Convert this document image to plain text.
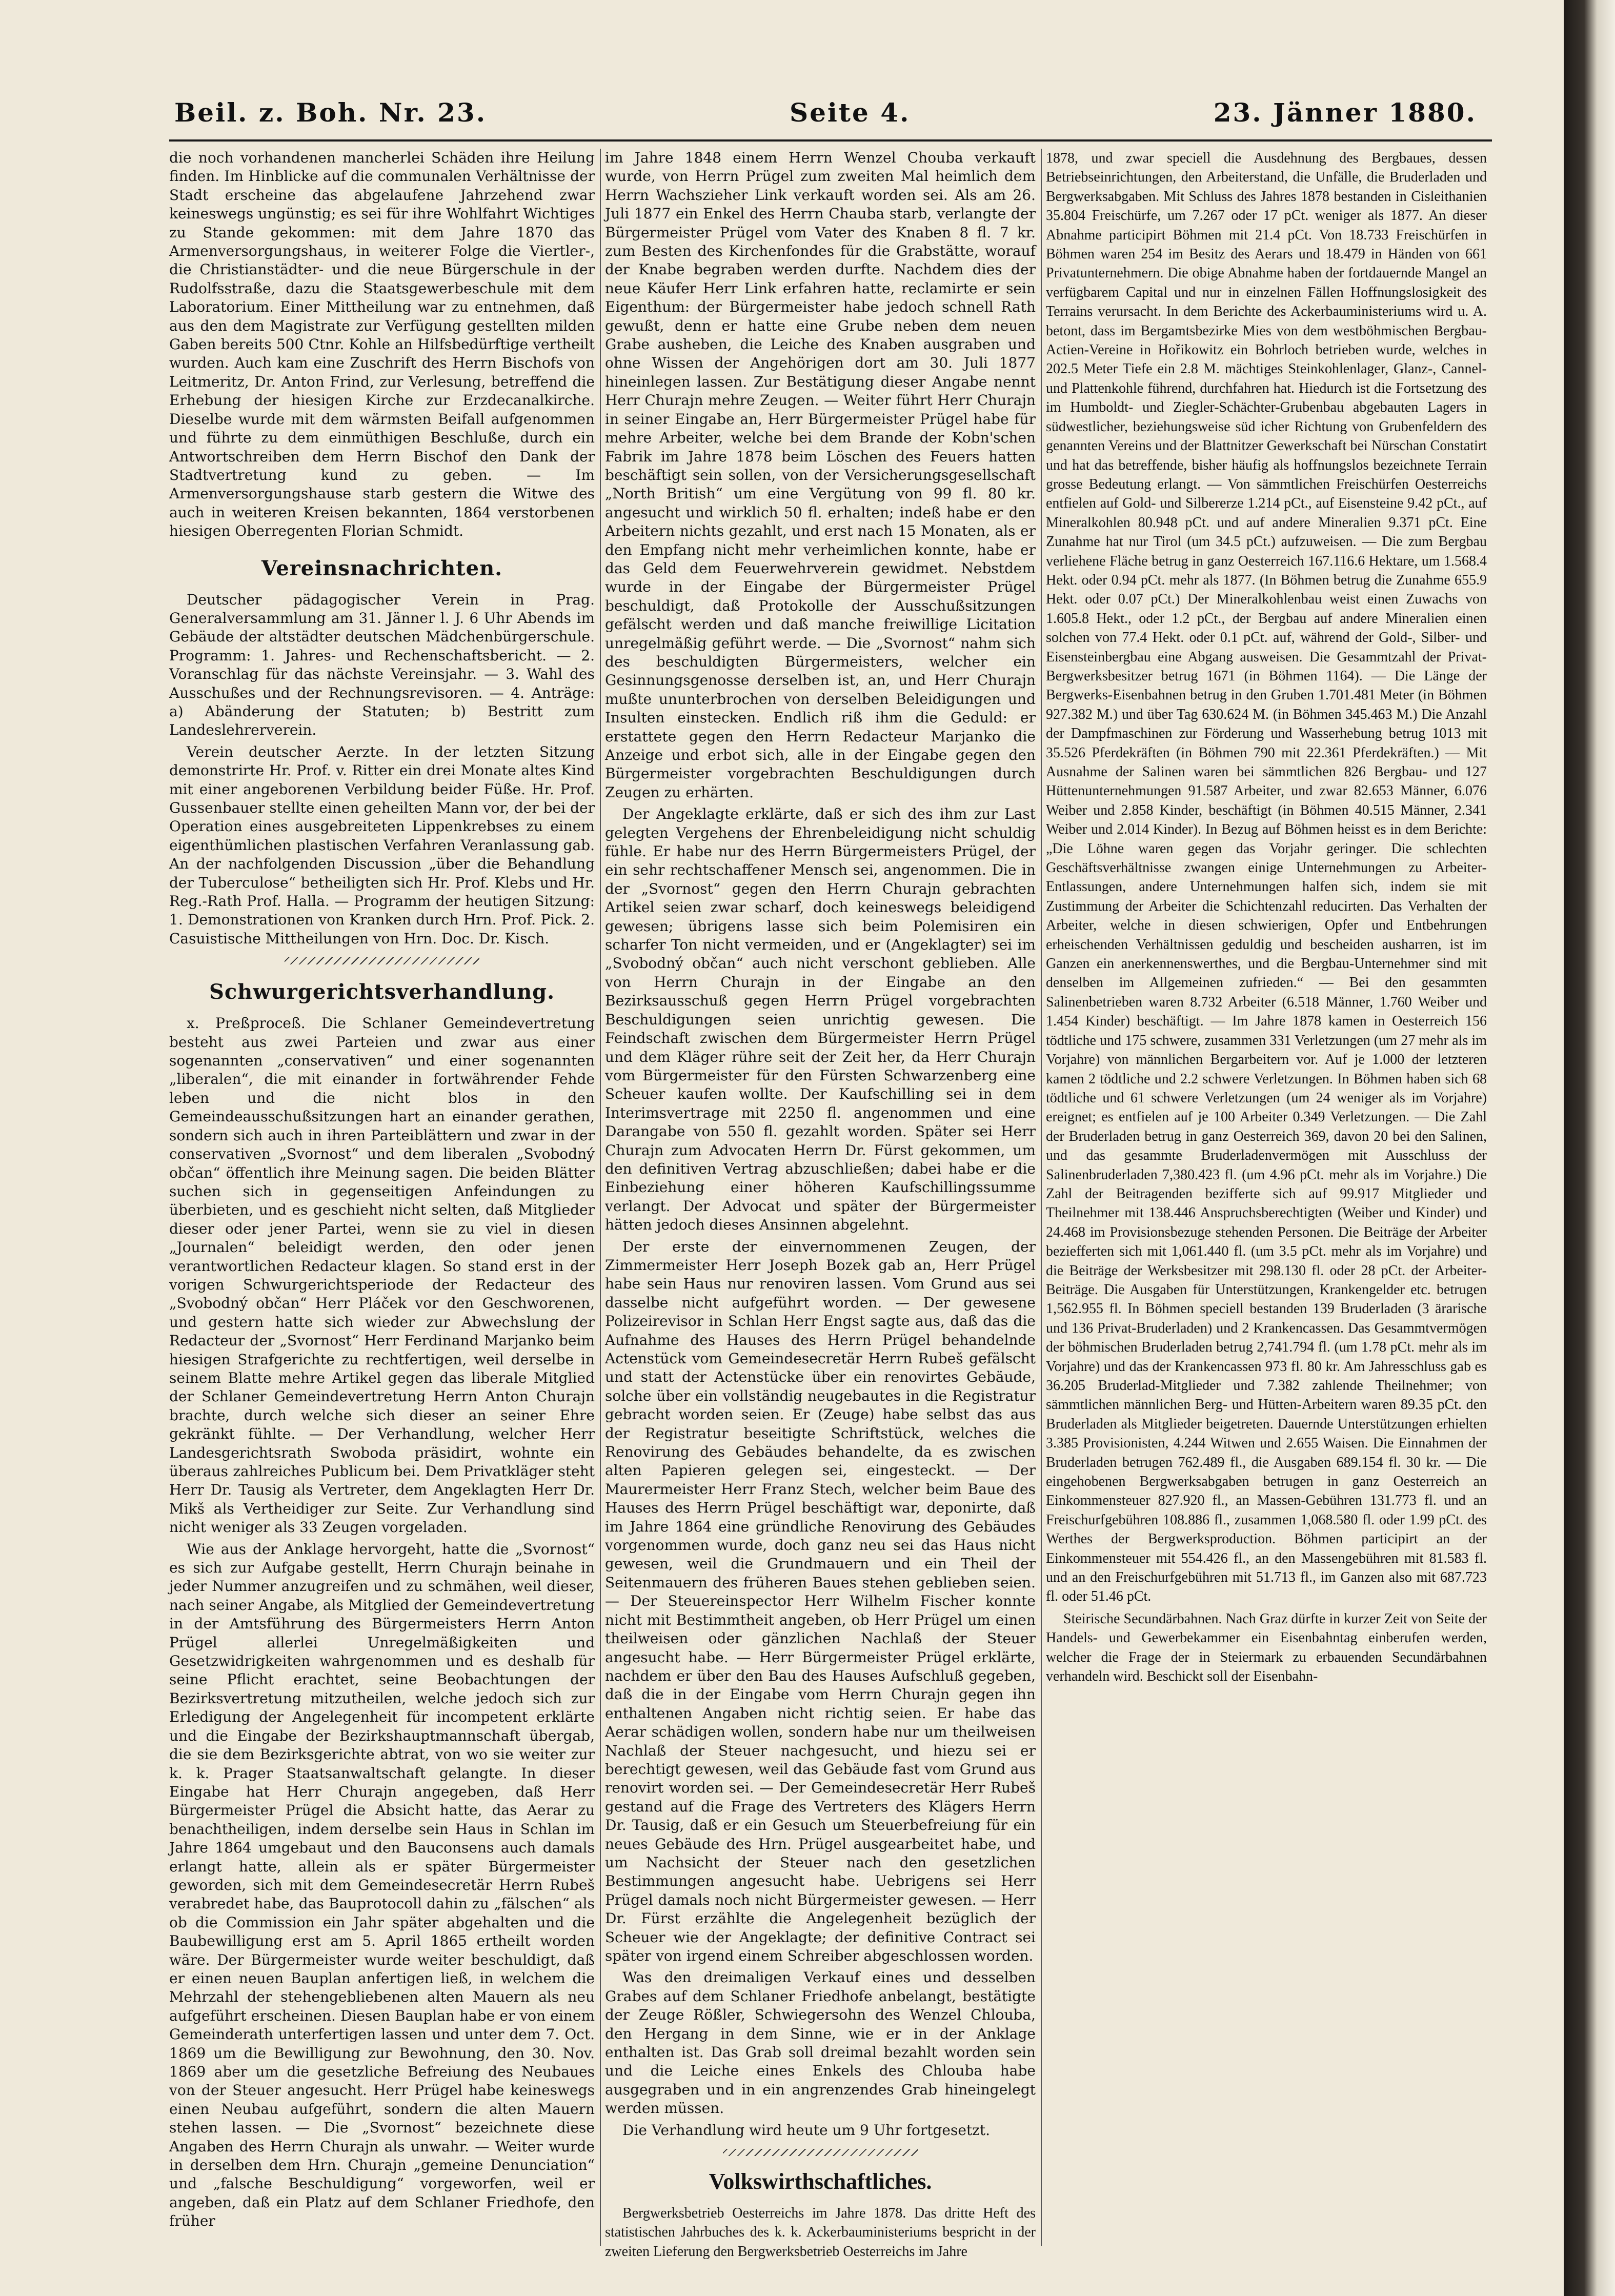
Beil. z. Boh. Nr. 23.	Seite 4.	23. Jänner 1880.

die noch vorhandenen mancherlei Schäden ihre Heilung finden. Im Hinblicke auf die communalen Verhältnisse der Stadt erscheine das abgelaufene Jahrzehend zwar keineswegs ungünstig; es sei für ihre Wohlfahrt Wichtiges zu Stande gekommen: mit dem Jahre 1870 das Armenversorgungshaus, in weiterer Folge die Viertler-, die Christianstädter- und die neue Bürgerschule in der Rudolfsstraße, dazu die Staatsgewerbeschule mit dem Laboratorium. Einer Mittheilung war zu entnehmen, daß aus den dem Magistrate zur Verfügung gestellten milden Gaben bereits 500 Ctnr. Kohle an Hilfsbedürftige vertheilt wurden. Auch kam eine Zuschrift des Herrn Bischofs von Leitmeritz, Dr. Anton Frind, zur Verlesung, betreffend die Erhebung der hiesigen Kirche zur Erzdecanalkirche. Dieselbe wurde mit dem wärmsten Beifall aufgenommen und führte zu dem einmüthigen Beschluße, durch ein Antwortschreiben dem Herrn Bischof den Dank der Stadtvertretung kund zu geben. — Im Armenversorgungshause starb gestern die Witwe des auch in weiteren Kreisen bekannten, 1864 verstorbenen hiesigen Oberregenten Florian Schmidt.

Vereinsnachrichten.

Deutscher pädagogischer Verein in Prag. Generalversammlung am 31. Jänner l. J. 6 Uhr Abends im Gebäude der altstädter deutschen Mädchenbürgerschule. Programm: 1. Jahres- und Rechenschaftsbericht. — 2. Voranschlag für das nächste Vereinsjahr. — 3. Wahl des Ausschußes und der Rechnungsrevisoren. — 4. Anträge: a) Abänderung der Statuten; b) Bestritt zum Landeslehrerverein.

Verein deutscher Aerzte. In der letzten Sitzung demonstrirte Hr. Prof. v. Ritter ein drei Monate altes Kind mit einer angeborenen Verbildung beider Füße. Hr. Prof. Gussenbauer stellte einen geheilten Mann vor, der bei der Operation eines ausgebreiteten Lippenkrebses zu einem eigenthümlichen plastischen Verfahren Veranlassung gab. An der nachfolgenden Discussion „über die Behandlung der Tuberculose“ betheiligten sich Hr. Prof. Klebs und Hr. Reg.-Rath Prof. Halla. — Programm der heutigen Sitzung: 1. Demonstrationen von Kranken durch Hrn. Prof. Pick. 2. Casuistische Mittheilungen von Hrn. Doc. Dr. Kisch.

Schwurgerichtsverhandlung.

x. Preßproceß. Die Schlaner Gemeindevertretung besteht aus zwei Parteien und zwar aus einer sogenannten „conservativen“ und einer sogenannten „liberalen“, die mit einander in fortwährender Fehde leben und die nicht blos in den Gemeindeausschußsitzungen hart an einander gerathen, sondern sich auch in ihren Parteiblättern und zwar in der conservativen „Svornost“ und dem liberalen „Svobodný občan“ öffentlich ihre Meinung sagen. Die beiden Blätter suchen sich in gegenseitigen Anfeindungen zu überbieten, und es geschieht nicht selten, daß Mitglieder dieser oder jener Partei, wenn sie zu viel in diesen „Journalen“ beleidigt werden, den oder jenen verantwortlichen Redacteur klagen. So stand erst in der vorigen Schwurgerichtsperiode der Redacteur des „Svobodný občan“ Herr Pláček vor den Geschworenen, und gestern hatte sich wieder zur Abwechslung der Redacteur der „Svornost“ Herr Ferdinand Marjanko beim hiesigen Strafgerichte zu rechtfertigen, weil derselbe in seinem Blatte mehre Artikel gegen das liberale Mitglied der Schlaner Gemeindevertretung Herrn Anton Churajn brachte, durch welche sich dieser an seiner Ehre gekränkt fühlte. — Der Verhandlung, welcher Herr Landesgerichtsrath Swoboda präsidirt, wohnte ein überaus zahlreiches Publicum bei. Dem Privatkläger steht Herr Dr. Tausig als Vertreter, dem Angeklagten Herr Dr. Mikš als Vertheidiger zur Seite. Zur Verhandlung sind nicht weniger als 33 Zeugen vorgeladen.

Wie aus der Anklage hervorgeht, hatte die „Svornost“ es sich zur Aufgabe gestellt, Herrn Churajn beinahe in jeder Nummer anzugreifen und zu schmähen, weil dieser, nach seiner Angabe, als Mitglied der Gemeindevertretung in der Amtsführung des Bürgermeisters Herrn Anton Prügel allerlei Unregelmäßigkeiten und Gesetzwidrigkeiten wahrgenommen und es deshalb für seine Pflicht erachtet, seine Beobachtungen der Bezirksvertretung mitzutheilen, welche jedoch sich zur Erledigung der Angelegenheit für incompetent erklärte und die Eingabe der Bezirkshauptmannschaft übergab, die sie dem Bezirksgerichte abtrat, von wo sie weiter zur k. k. Prager Staatsanwaltschaft gelangte. In dieser Eingabe hat Herr Churajn angegeben, daß Herr Bürgermeister Prügel die Absicht hatte, das Aerar zu benachtheiligen, indem derselbe sein Haus in Schlan im Jahre 1864 umgebaut und den Bauconsens auch damals erlangt hatte, allein als er später Bürgermeister geworden, sich mit dem Gemeindesecretär Herrn Rubeš verabredet habe, das Bauprotocoll dahin zu „fälschen“ als ob die Commission ein Jahr später abgehalten und die Baubewilligung erst am 5. April 1865 ertheilt worden wäre. Der Bürgermeister wurde weiter beschuldigt, daß er einen neuen Bauplan anfertigen ließ, in welchem die Mehrzahl der stehengebliebenen alten Mauern als neu aufgeführt erscheinen. Diesen Bauplan habe er von einem Gemeinderath unterfertigen lassen und unter dem 7. Oct. 1869 um die Bewilligung zur Bewohnung, den 30. Nov. 1869 aber um die gesetzliche Befreiung des Neubaues von der Steuer angesucht. Herr Prügel habe keineswegs einen Neubau aufgeführt, sondern die alten Mauern stehen lassen. — Die „Svornost“ bezeichnete diese Angaben des Herrn Churajn als unwahr. — Weiter wurde in derselben dem Hrn. Churajn „gemeine Denunciation“ und „falsche Beschuldigung“ vorgeworfen, weil er angeben, daß ein Platz auf dem Schlaner Friedhofe, den früher

im Jahre 1848 einem Herrn Wenzel Chouba verkauft wurde, von Herrn Prügel zum zweiten Mal heimlich dem Herrn Wachszieher Link verkauft worden sei. Als am 26. Juli 1877 ein Enkel des Herrn Chauba starb, verlangte der Bürgermeister Prügel vom Vater des Knaben 8 fl. 7 kr. zum Besten des Kirchenfondes für die Grabstätte, worauf der Knabe begraben werden durfte. Nachdem dies der neue Käufer Herr Link erfahren hatte, reclamirte er sein Eigenthum: der Bürgermeister habe jedoch schnell Rath gewußt, denn er hatte eine Grube neben dem neuen Grabe ausheben, die Leiche des Knaben ausgraben und ohne Wissen der Angehörigen dort am 30. Juli 1877 hineinlegen lassen. Zur Bestätigung dieser Angabe nennt Herr Churajn mehre Zeugen. — Weiter führt Herr Churajn in seiner Eingabe an, Herr Bürgermeister Prügel habe für mehre Arbeiter, welche bei dem Brande der Kobn'schen Fabrik im Jahre 1878 beim Löschen des Feuers hatten beschäftigt sein sollen, von der Versicherungsgesellschaft „North British“ um eine Vergütung von 99 fl. 80 kr. angesucht und wirklich 50 fl. erhalten; indeß habe er den Arbeitern nichts gezahlt, und erst nach 15 Monaten, als er den Empfang nicht mehr verheimlichen konnte, habe er das Geld dem Feuerwehrverein gewidmet. Nebstdem wurde in der Eingabe der Bürgermeister Prügel beschuldigt, daß Protokolle der Ausschußsitzungen gefälscht werden und daß manche freiwillige Licitation unregelmäßig geführt werde. — Die „Svornost“ nahm sich des beschuldigten Bürgermeisters, welcher ein Gesinnungsgenosse derselben ist, an, und Herr Churajn mußte ununterbrochen von derselben Beleidigungen und Insulten einstecken. Endlich riß ihm die Geduld: er erstattete gegen den Herrn Redacteur Marjanko die Anzeige und erbot sich, alle in der Eingabe gegen den Bürgermeister vorgebrachten Beschuldigungen durch Zeugen zu erhärten.

Der Angeklagte erklärte, daß er sich des ihm zur Last gelegten Vergehens der Ehrenbeleidigung nicht schuldig fühle. Er habe nur des Herrn Bürgermeisters Prügel, der ein sehr rechtschaffener Mensch sei, angenommen. Die in der „Svornost“ gegen den Herrn Churajn gebrachten Artikel seien zwar scharf, doch keineswegs beleidigend gewesen; übrigens lasse sich beim Polemisiren ein scharfer Ton nicht vermeiden, und er (Angeklagter) sei im „Svobodný občan“ auch nicht verschont geblieben. Alle von Herrn Churajn in der Eingabe an den Bezirksausschuß gegen Herrn Prügel vorgebrachten Beschuldigungen seien unrichtig gewesen. Die Feindschaft zwischen dem Bürgermeister Herrn Prügel und dem Kläger rühre seit der Zeit her, da Herr Churajn vom Bürgermeister für den Fürsten Schwarzenberg eine Scheuer kaufen wollte. Der Kaufschilling sei in dem Interimsvertrage mit 2250 fl. angenommen und eine Darangabe von 550 fl. gezahlt worden. Später sei Herr Churajn zum Advocaten Herrn Dr. Fürst gekommen, um den definitiven Vertrag abzuschließen; dabei habe er die Einbeziehung einer höheren Kaufschillingssumme verlangt. Der Advocat und später der Bürgermeister hätten jedoch dieses Ansinnen abgelehnt.

Der erste der einvernommenen Zeugen, der Zimmermeister Herr Joseph Bozek gab an, Herr Prügel habe sein Haus nur renoviren lassen. Vom Grund aus sei dasselbe nicht aufgeführt worden. — Der gewesene Polizeirevisor in Schlan Herr Engst sagte aus, daß das die Aufnahme des Hauses des Herrn Prügel behandelnde Actenstück vom Gemeindesecretär Herrn Rubeš gefälscht und statt der Actenstücke über ein renovirtes Gebäude, solche über ein vollständig neugebautes in die Registratur gebracht worden seien. Er (Zeuge) habe selbst das aus der Registratur beseitigte Schriftstück, welches die Renovirung des Gebäudes behandelte, da es zwischen alten Papieren gelegen sei, eingesteckt. — Der Maurermeister Herr Franz Stech, welcher beim Baue des Hauses des Herrn Prügel beschäftigt war, deponirte, daß im Jahre 1864 eine gründliche Renovirung des Gebäudes vorgenommen wurde, doch ganz neu sei das Haus nicht gewesen, weil die Grundmauern und ein Theil der Seitenmauern des früheren Baues stehen geblieben seien. — Der Steuereinspector Herr Wilhelm Fischer konnte nicht mit Bestimmtheit angeben, ob Herr Prügel um einen theilweisen oder gänzlichen Nachlaß der Steuer angesucht habe. — Herr Bürgermeister Prügel erklärte, nachdem er über den Bau des Hauses Aufschluß gegeben, daß die in der Eingabe vom Herrn Churajn gegen ihn enthaltenen Angaben nicht richtig seien. Er habe das Aerar schädigen wollen, sondern habe nur um theilweisen Nachlaß der Steuer nachgesucht, und hiezu sei er berechtigt gewesen, weil das Gebäude fast vom Grund aus renovirt worden sei. — Der Gemeindesecretär Herr Rubeš gestand auf die Frage des Vertreters des Klägers Herrn Dr. Tausig, daß er ein Gesuch um Steuerbefreiung für ein neues Gebäude des Hrn. Prügel ausgearbeitet habe, und um Nachsicht der Steuer nach den gesetzlichen Bestimmungen angesucht habe. Uebrigens sei Herr Prügel damals noch nicht Bürgermeister gewesen. — Herr Dr. Fürst erzählte die Angelegenheit bezüglich der Scheuer wie der Angeklagte; der definitive Contract sei später von irgend einem Schreiber abgeschlossen worden.

Was den dreimaligen Verkauf eines und desselben Grabes auf dem Schlaner Friedhofe anbelangt, bestätigte der Zeuge Rößler, Schwiegersohn des Wenzel Chlouba, den Hergang in dem Sinne, wie er in der Anklage enthalten ist. Das Grab soll dreimal bezahlt worden sein und die Leiche eines Enkels des Chlouba habe ausgegraben und in ein angrenzendes Grab hineingelegt werden müssen.

Die Verhandlung wird heute um 9 Uhr fortgesetzt.

Volkswirthschaftliches.

Bergwerksbetrieb Oesterreichs im Jahre 1878. Das dritte Heft des statistischen Jahrbuches des k. k. Ackerbauministeriums bespricht in der zweiten Lieferung den Bergwerksbetrieb Oesterreichs im Jahre

1878, und zwar speciell die Ausdehnung des Bergbaues, dessen Betriebseinrichtungen, den Arbeiterstand, die Unfälle, die Bruderladen und Bergwerksabgaben. Mit Schluss des Jahres 1878 bestanden in Cisleithanien 35.804 Freischürfe, um 7.267 oder 17 pCt. weniger als 1877. An dieser Abnahme participirt Böhmen mit 21.4 pCt. Von 18.733 Freischürfen in Böhmen waren 254 im Besitz des Aerars und 18.479 in Händen von 661 Privatunternehmern. Die obige Abnahme haben der fortdauernde Mangel an verfügbarem Capital und nur in einzelnen Fällen Hoffnungslosigkeit des Terrains verursacht. In dem Berichte des Ackerbauministeriums wird u. A. betont, dass im Bergamtsbezirke Mies von dem westböhmischen Bergbau-Actien-Vereine in Hořikowitz ein Bohrloch betrieben wurde, welches in 202.5 Meter Tiefe ein 2.8 M. mächtiges Steinkohlenlager, Glanz-, Cannel- und Plattenkohle führend, durchfahren hat. Hiedurch ist die Fortsetzung des im Humboldt- und Ziegler-Schächter-Grubenbau abgebauten Lagers in südwestlicher, beziehungsweise süd icher Richtung von Grubenfeldern des genannten Vereins und der Blattnitzer Gewerkschaft bei Nürschan Constatirt und hat das betreffende, bisher häufig als hoffnungslos bezeichnete Terrain grosse Bedeutung erlangt. — Von sämmtlichen Freischürfen Oesterreichs entfielen auf Gold- und Silbererze 1.214 pCt., auf Eisensteine 9.42 pCt., auf Mineralkohlen 80.948 pCt. und auf andere Mineralien 9.371 pCt. Eine Zunahme hat nur Tirol (um 34.5 pCt.) aufzuweisen. — Die zum Bergbau verliehene Fläche betrug in ganz Oesterreich 167.116.6 Hektare, um 1.568.4 Hekt. oder 0.94 pCt. mehr als 1877. (In Böhmen betrug die Zunahme 655.9 Hekt. oder 0.07 pCt.) Der Mineralkohlenbau weist einen Zuwachs von 1.605.8 Hekt., oder 1.2 pCt., der Bergbau auf andere Mineralien einen solchen von 77.4 Hekt. oder 0.1 pCt. auf, während der Gold-, Silber- und Eisensteinbergbau eine Abgang ausweisen. Die Gesammtzahl der Privat-Bergwerksbesitzer betrug 1671 (in Böhmen 1164). — Die Länge der Bergwerks-Eisenbahnen betrug in den Gruben 1.701.481 Meter (in Böhmen 927.382 M.) und über Tag 630.624 M. (in Böhmen 345.463 M.) Die Anzahl der Dampfmaschinen zur Förderung und Wasserhebung betrug 1013 mit 35.526 Pferdekräften (in Böhmen 790 mit 22.361 Pferdekräften.) — Mit Ausnahme der Salinen waren bei sämmtlichen 826 Bergbau- und 127 Hüttenunternehmungen 91.587 Arbeiter, und zwar 82.653 Männer, 6.076 Weiber und 2.858 Kinder, beschäftigt (in Böhmen 40.515 Männer, 2.341 Weiber und 2.014 Kinder). In Bezug auf Böhmen heisst es in dem Berichte: „Die Löhne waren gegen das Vorjahr geringer. Die schlechten Geschäftsverhältnisse zwangen einige Unternehmungen zu Arbeiter-Entlassungen, andere Unternehmungen halfen sich, indem sie mit Zustimmung der Arbeiter die Schichtenzahl reducirten. Das Verhalten der Arbeiter, welche in diesen schwierigen, Opfer und Entbehrungen erheischenden Verhältnissen geduldig und bescheiden ausharren, ist im Ganzen ein anerkennenswerthes, und die Bergbau-Unternehmer sind mit denselben im Allgemeinen zufrieden.“ — Bei den gesammten Salinenbetrieben waren 8.732 Arbeiter (6.518 Männer, 1.760 Weiber und 1.454 Kinder) beschäftigt. — Im Jahre 1878 kamen in Oesterreich 156 tödtliche und 175 schwere, zusammen 331 Verletzungen (um 27 mehr als im Vorjahre) von männlichen Bergarbeitern vor. Auf je 1.000 der letzteren kamen 2 tödtliche und 2.2 schwere Verletzungen. In Böhmen haben sich 68 tödtliche und 61 schwere Verletzungen (um 24 weniger als im Vorjahre) ereignet; es entfielen auf je 100 Arbeiter 0.349 Verletzungen. — Die Zahl der Bruderladen betrug in ganz Oesterreich 369, davon 20 bei den Salinen, und das gesammte Bruderladenvermögen mit Ausschluss der Salinenbruderladen 7,380.423 fl. (um 4.96 pCt. mehr als im Vorjahre.) Die Zahl der Beitragenden bezifferte sich auf 99.917 Mitglieder und Theilnehmer mit 138.446 Anspruchsberechtigten (Weiber und Kinder) und 24.468 im Provisionsbezuge stehenden Personen. Die Beiträge der Arbeiter beziefferten sich mit 1,061.440 fl. (um 3.5 pCt. mehr als im Vorjahre) und die Beiträge der Werksbesitzer mit 298.130 fl. oder 28 pCt. der Arbeiter-Beiträge. Die Ausgaben für Unterstützungen, Krankengelder etc. betrugen 1,562.955 fl. In Böhmen speciell bestanden 139 Bruderladen (3 ärarische und 136 Privat-Bruderladen) und 2 Krankencassen. Das Gesammtvermögen der böhmischen Bruderladen betrug 2,741.794 fl. (um 1.78 pCt. mehr als im Vorjahre) und das der Krankencassen 973 fl. 80 kr. Am Jahresschluss gab es 36.205 Bruderlad-Mitglieder und 7.382 zahlende Theilnehmer; von sämmtlichen männlichen Berg- und Hütten-Arbeitern waren 89.35 pCt. den Bruderladen als Mitglieder beigetreten. Dauernde Unterstützungen erhielten 3.385 Provisionisten, 4.244 Witwen und 2.655 Waisen. Die Einnahmen der Bruderladen betrugen 762.489 fl., die Ausgaben 689.154 fl. 30 kr. — Die eingehobenen Bergwerksabgaben betrugen in ganz Oesterreich an Einkommensteuer 827.920 fl., an Massen-Gebühren 131.773 fl. und an Freischurfgebühren 108.886 fl., zusammen 1,068.580 fl. oder 1.99 pCt. des Werthes der Bergwerksproduction. Böhmen participirt an der Einkommensteuer mit 554.426 fl., an den Massengebühren mit 81.583 fl. und an den Freischurfgebühren mit 51.713 fl., im Ganzen also mit 687.723 fl. oder 51.46 pCt.

Steirische Secundärbahnen. Nach Graz dürfte in kurzer Zeit von Seite der Handels- und Gewerbekammer ein Eisenbahntag einberufen werden, welcher die Frage der in Steiermark zu erbauenden Secundärbahnen verhandeln wird. Beschickt soll der Eisenbahn-
